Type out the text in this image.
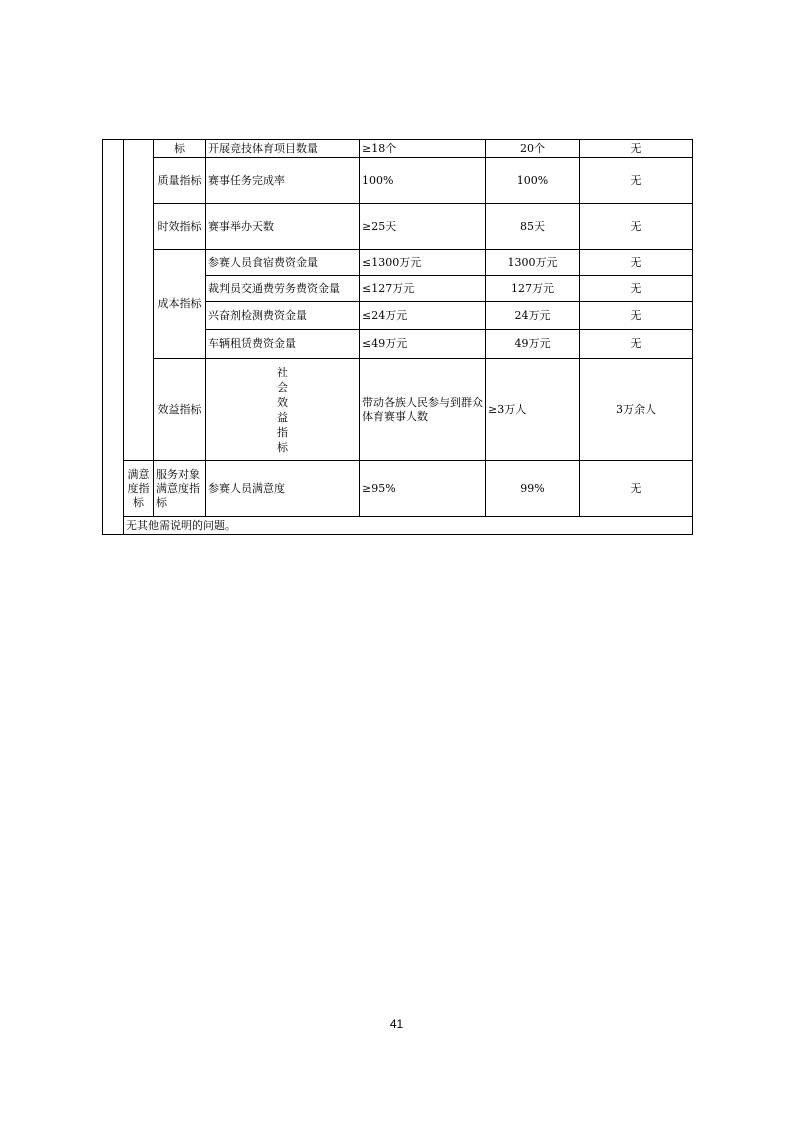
		标	开展竞技体育项目数量	≥18个	20个	无	
		质量指标	赛事任务完成率	100%	100%	无	
		时效指标	赛事举办天数	≥25天	85天	无	
		成本指标	参赛人员食宿费资金量	≤1300万元	1300万元	无	
			裁判员交通费劳务费资金量	≤127万元	127万元	无	
			兴奋剂检测费资金量	≤24万元	24万元	无	
			车辆租赁费资金量	≤49万元	49万元	无	
		效益指标	社会效益指标	带动各族人民参与到群众体育赛事人数	≥3万人	3万余人	
	满意度指标	服务对象满意度指标	参赛人员满意度	≥95%	99%	无	
	无其他需说明的问题。						
41
